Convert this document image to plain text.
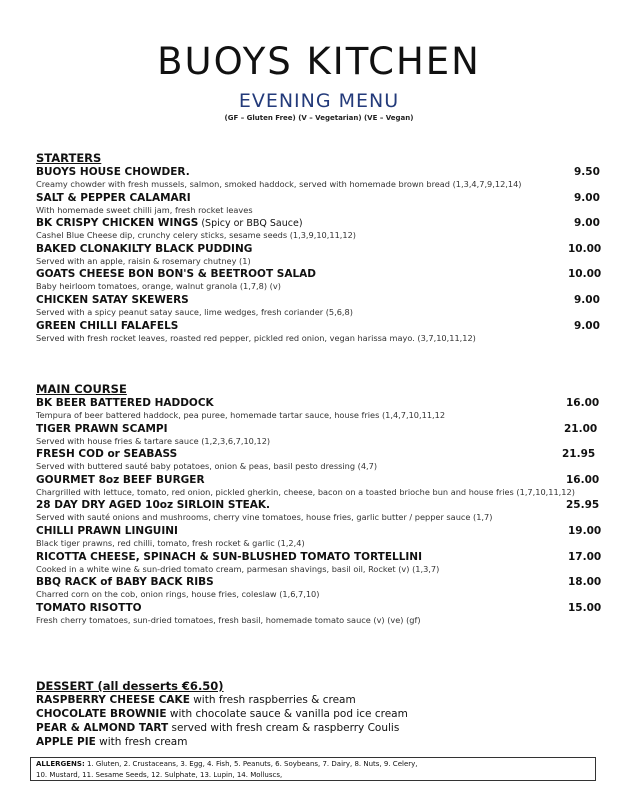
BUOYS KITCHEN
EVENING MENU
(GF – Gluten Free) (V – Vegetarian) (VE – Vegan)
STARTERS
BUOYS HOUSE CHOWDER.	9.50
Creamy chowder with fresh mussels, salmon, smoked haddock, served with homemade brown bread (1,3,4,7,9,12,14)
SALT & PEPPER CALAMARI	9.00
With homemade sweet chilli jam, fresh rocket leaves
BK CRISPY CHICKEN WINGS (Spicy or BBQ Sauce)	9.00
Cashel Blue Cheese dip, crunchy celery sticks, sesame seeds (1,3,9,10,11,12)
BAKED CLONAKILTY BLACK PUDDING	10.00
Served with an apple, raisin & rosemary chutney (1)
GOATS CHEESE BON BON'S & BEETROOT SALAD	10.00
Baby heirloom tomatoes, orange, walnut granola (1,7,8) (v)
CHICKEN SATAY SKEWERS	9.00
Served with a spicy peanut satay sauce, lime wedges, fresh coriander (5,6,8)
GREEN CHILLI FALAFELS	9.00
Served with fresh rocket leaves, roasted red pepper, pickled red onion, vegan harissa mayo. (3,7,10,11,12)
MAIN COURSE
BK BEER BATTERED HADDOCK	16.00
Tempura of beer battered haddock, pea puree, homemade tartar sauce, house fries (1,4,7,10,11,12
TIGER PRAWN SCAMPI	21.00
Served with house fries & tartare sauce (1,2,3,6,7,10,12)
FRESH COD or SEABASS	21.95
Served with buttered sauté baby potatoes, onion & peas, basil pesto dressing (4,7)
GOURMET 8oz BEEF BURGER	16.00
Chargrilled with lettuce, tomato, red onion, pickled gherkin, cheese, bacon on a toasted brioche bun and house fries (1,7,10,11,12)
28 DAY DRY AGED 10oz SIRLOIN STEAK.	25.95
Served with sauté onions and mushrooms, cherry vine tomatoes, house fries, garlic butter / pepper sauce (1,7)
CHILLI PRAWN LINGUINI	19.00
Black tiger prawns, red chilli, tomato, fresh rocket & garlic (1,2,4)
RICOTTA CHEESE, SPINACH & SUN-BLUSHED TOMATO TORTELLINI	17.00
Cooked in a white wine & sun-dried tomato cream, parmesan shavings, basil oil, Rocket (v) (1,3,7)
BBQ RACK of BABY BACK RIBS	18.00
Charred corn on the cob, onion rings, house fries, coleslaw (1,6,7,10)
TOMATO RISOTTO	15.00
Fresh cherry tomatoes, sun-dried tomatoes, fresh basil, homemade tomato sauce (v) (ve) (gf)
DESSERT (all desserts €6.50)
RASPBERRY CHEESE CAKE with fresh raspberries & cream
CHOCOLATE BROWNIE with chocolate sauce & vanilla pod ice cream
PEAR & ALMOND TART served with fresh cream & raspberry Coulis
APPLE PIE with fresh cream
ALLERGENS: 1. Gluten, 2. Crustaceans, 3. Egg, 4. Fish, 5. Peanuts, 6. Soybeans, 7. Dairy, 8. Nuts, 9. Celery,
10. Mustard, 11. Sesame Seeds, 12. Sulphate, 13. Lupin, 14. Molluscs,
